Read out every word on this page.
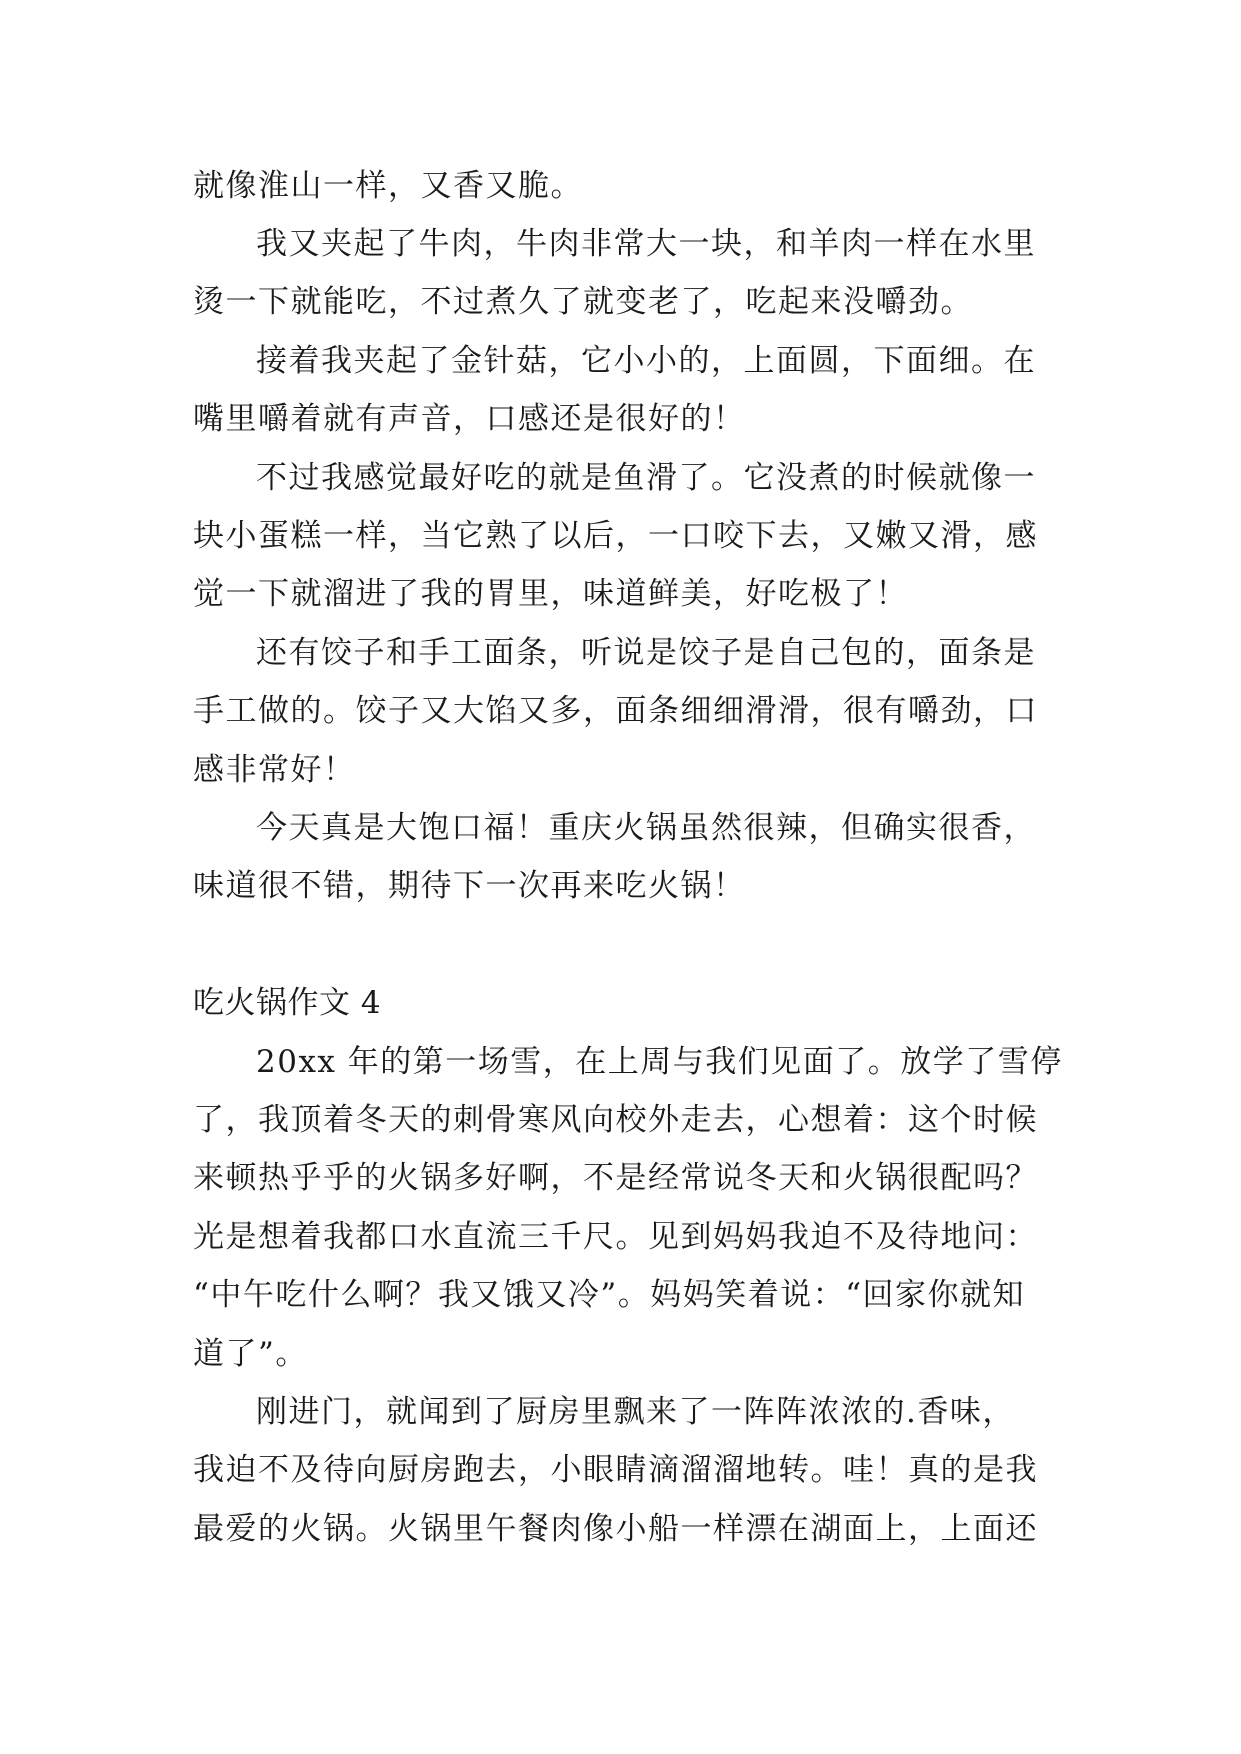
就像淮山一样，又香又脆。
我又夹起了牛肉，牛肉非常大一块，和羊肉一样在水里
烫一下就能吃，不过煮久了就变老了，吃起来没嚼劲。
接着我夹起了金针菇，它小小的，上面圆，下面细。在
嘴里嚼着就有声音，口感还是很好的！
不过我感觉最好吃的就是鱼滑了。它没煮的时候就像一
块小蛋糕一样，当它熟了以后，一口咬下去，又嫩又滑，感
觉一下就溜进了我的胃里，味道鲜美，好吃极了！
还有饺子和手工面条，听说是饺子是自己包的，面条是
手工做的。饺子又大馅又多，面条细细滑滑，很有嚼劲，口
感非常好！
今天真是大饱口福！重庆火锅虽然很辣，但确实很香，
味道很不错，期待下一次再来吃火锅！
吃火锅作文 4
20xx 年的第一场雪，在上周与我们见面了。放学了雪停
了，我顶着冬天的刺骨寒风向校外走去，心想着：这个时候
来顿热乎乎的火锅多好啊，不是经常说冬天和火锅很配吗？
光是想着我都口水直流三千尺。见到妈妈我迫不及待地问：
“中午吃什么啊？我又饿又冷”。妈妈笑着说：“回家你就知
道了”。
刚进门，就闻到了厨房里飘来了一阵阵浓浓的.香味，
我迫不及待向厨房跑去，小眼睛滴溜溜地转。哇！真的是我
最爱的火锅。火锅里午餐肉像小船一样漂在湖面上，上面还
